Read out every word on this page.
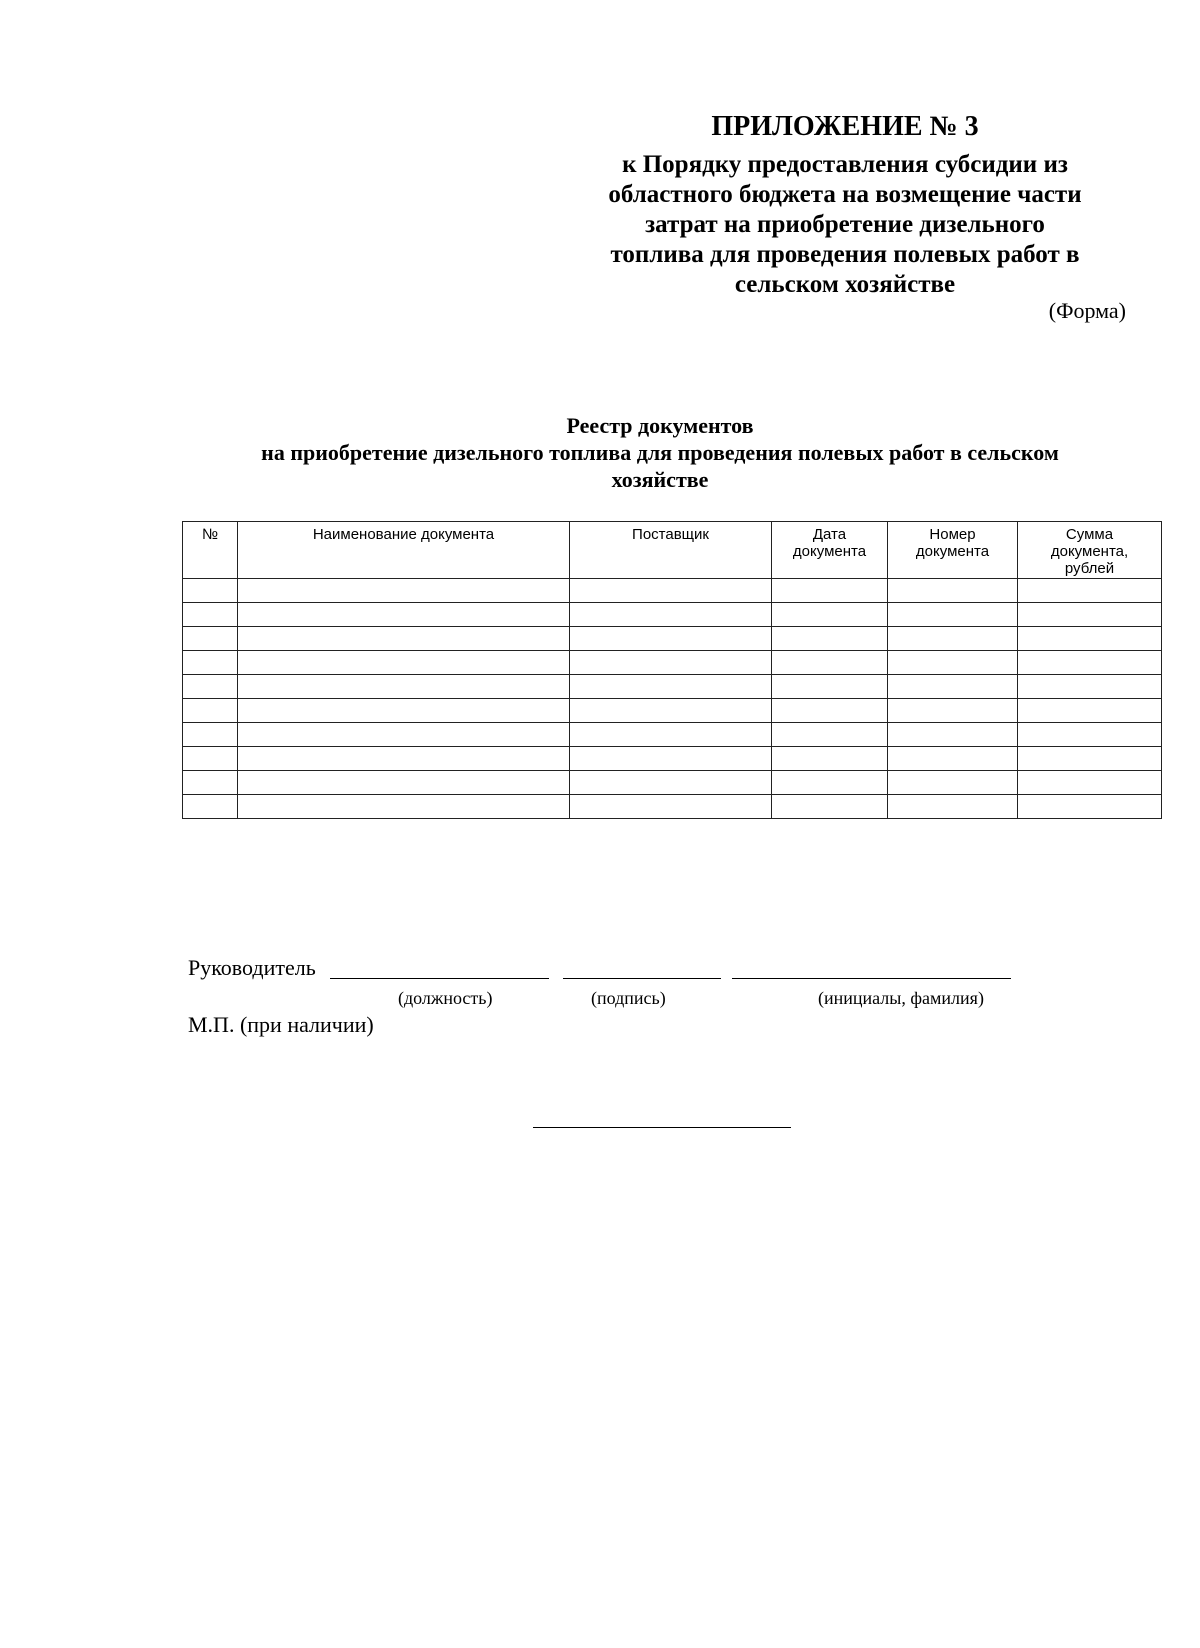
ПРИЛОЖЕНИЕ № 3
к Порядку предоставления субсидии из
областного бюджета на возмещение части
затрат на приобретение дизельного
топлива для проведения полевых работ в
сельском хозяйстве
(Форма)
Реестр документов
на приобретение дизельного топлива для проведения полевых работ в сельском
хозяйстве
№	Наименование документа	Поставщик	Дата документа	Номер документа	Сумма документа, рублей

Руководитель
(должность)	(подпись)	(инициалы, фамилия)
М.П. (при наличии)
